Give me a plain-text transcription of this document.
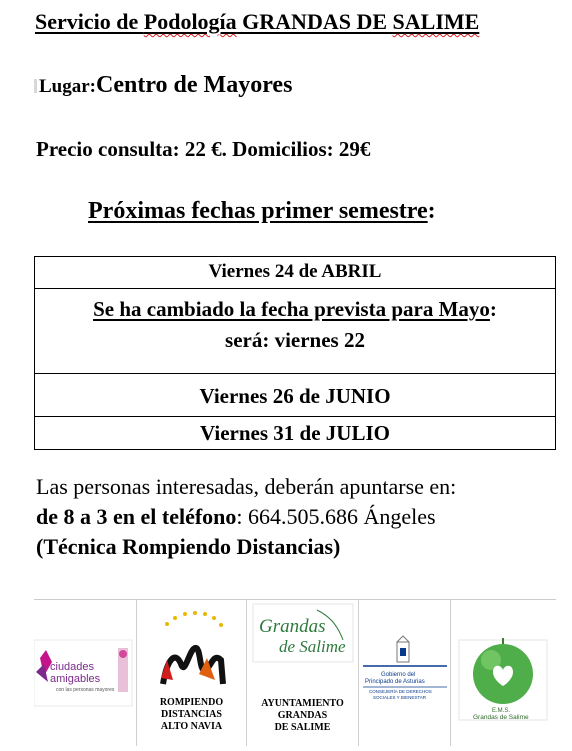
Servicio de Podología GRANDAS DE SALIME
Lugar:Centro de Mayores
Precio consulta: 22 €. Domicilios: 29€
Próximas fechas primer semestre:
Viernes 24 de ABRIL
Se ha cambiado la fecha prevista para Mayo:
será: viernes 22
Viernes 26 de JUNIO
Viernes 31 de JULIO
Las personas interesadas, deberán apuntarse en:
de 8 a 3 en el teléfono: 664.505.686 Ángeles
(Técnica Rompiendo Distancias)
ciudades
amigables
con las personas mayores
ROMPIENDO
DISTANCIAS
ALTO NAVIA
Grandas
de Salime
AYUNTAMIENTO
GRANDAS
DE SALIME
Gobierno del
Principado de Asturias
CONSEJERÍA DE DERECHOS
SOCIALES Y BIENESTAR
E.M.S.
Grandas de Salime
